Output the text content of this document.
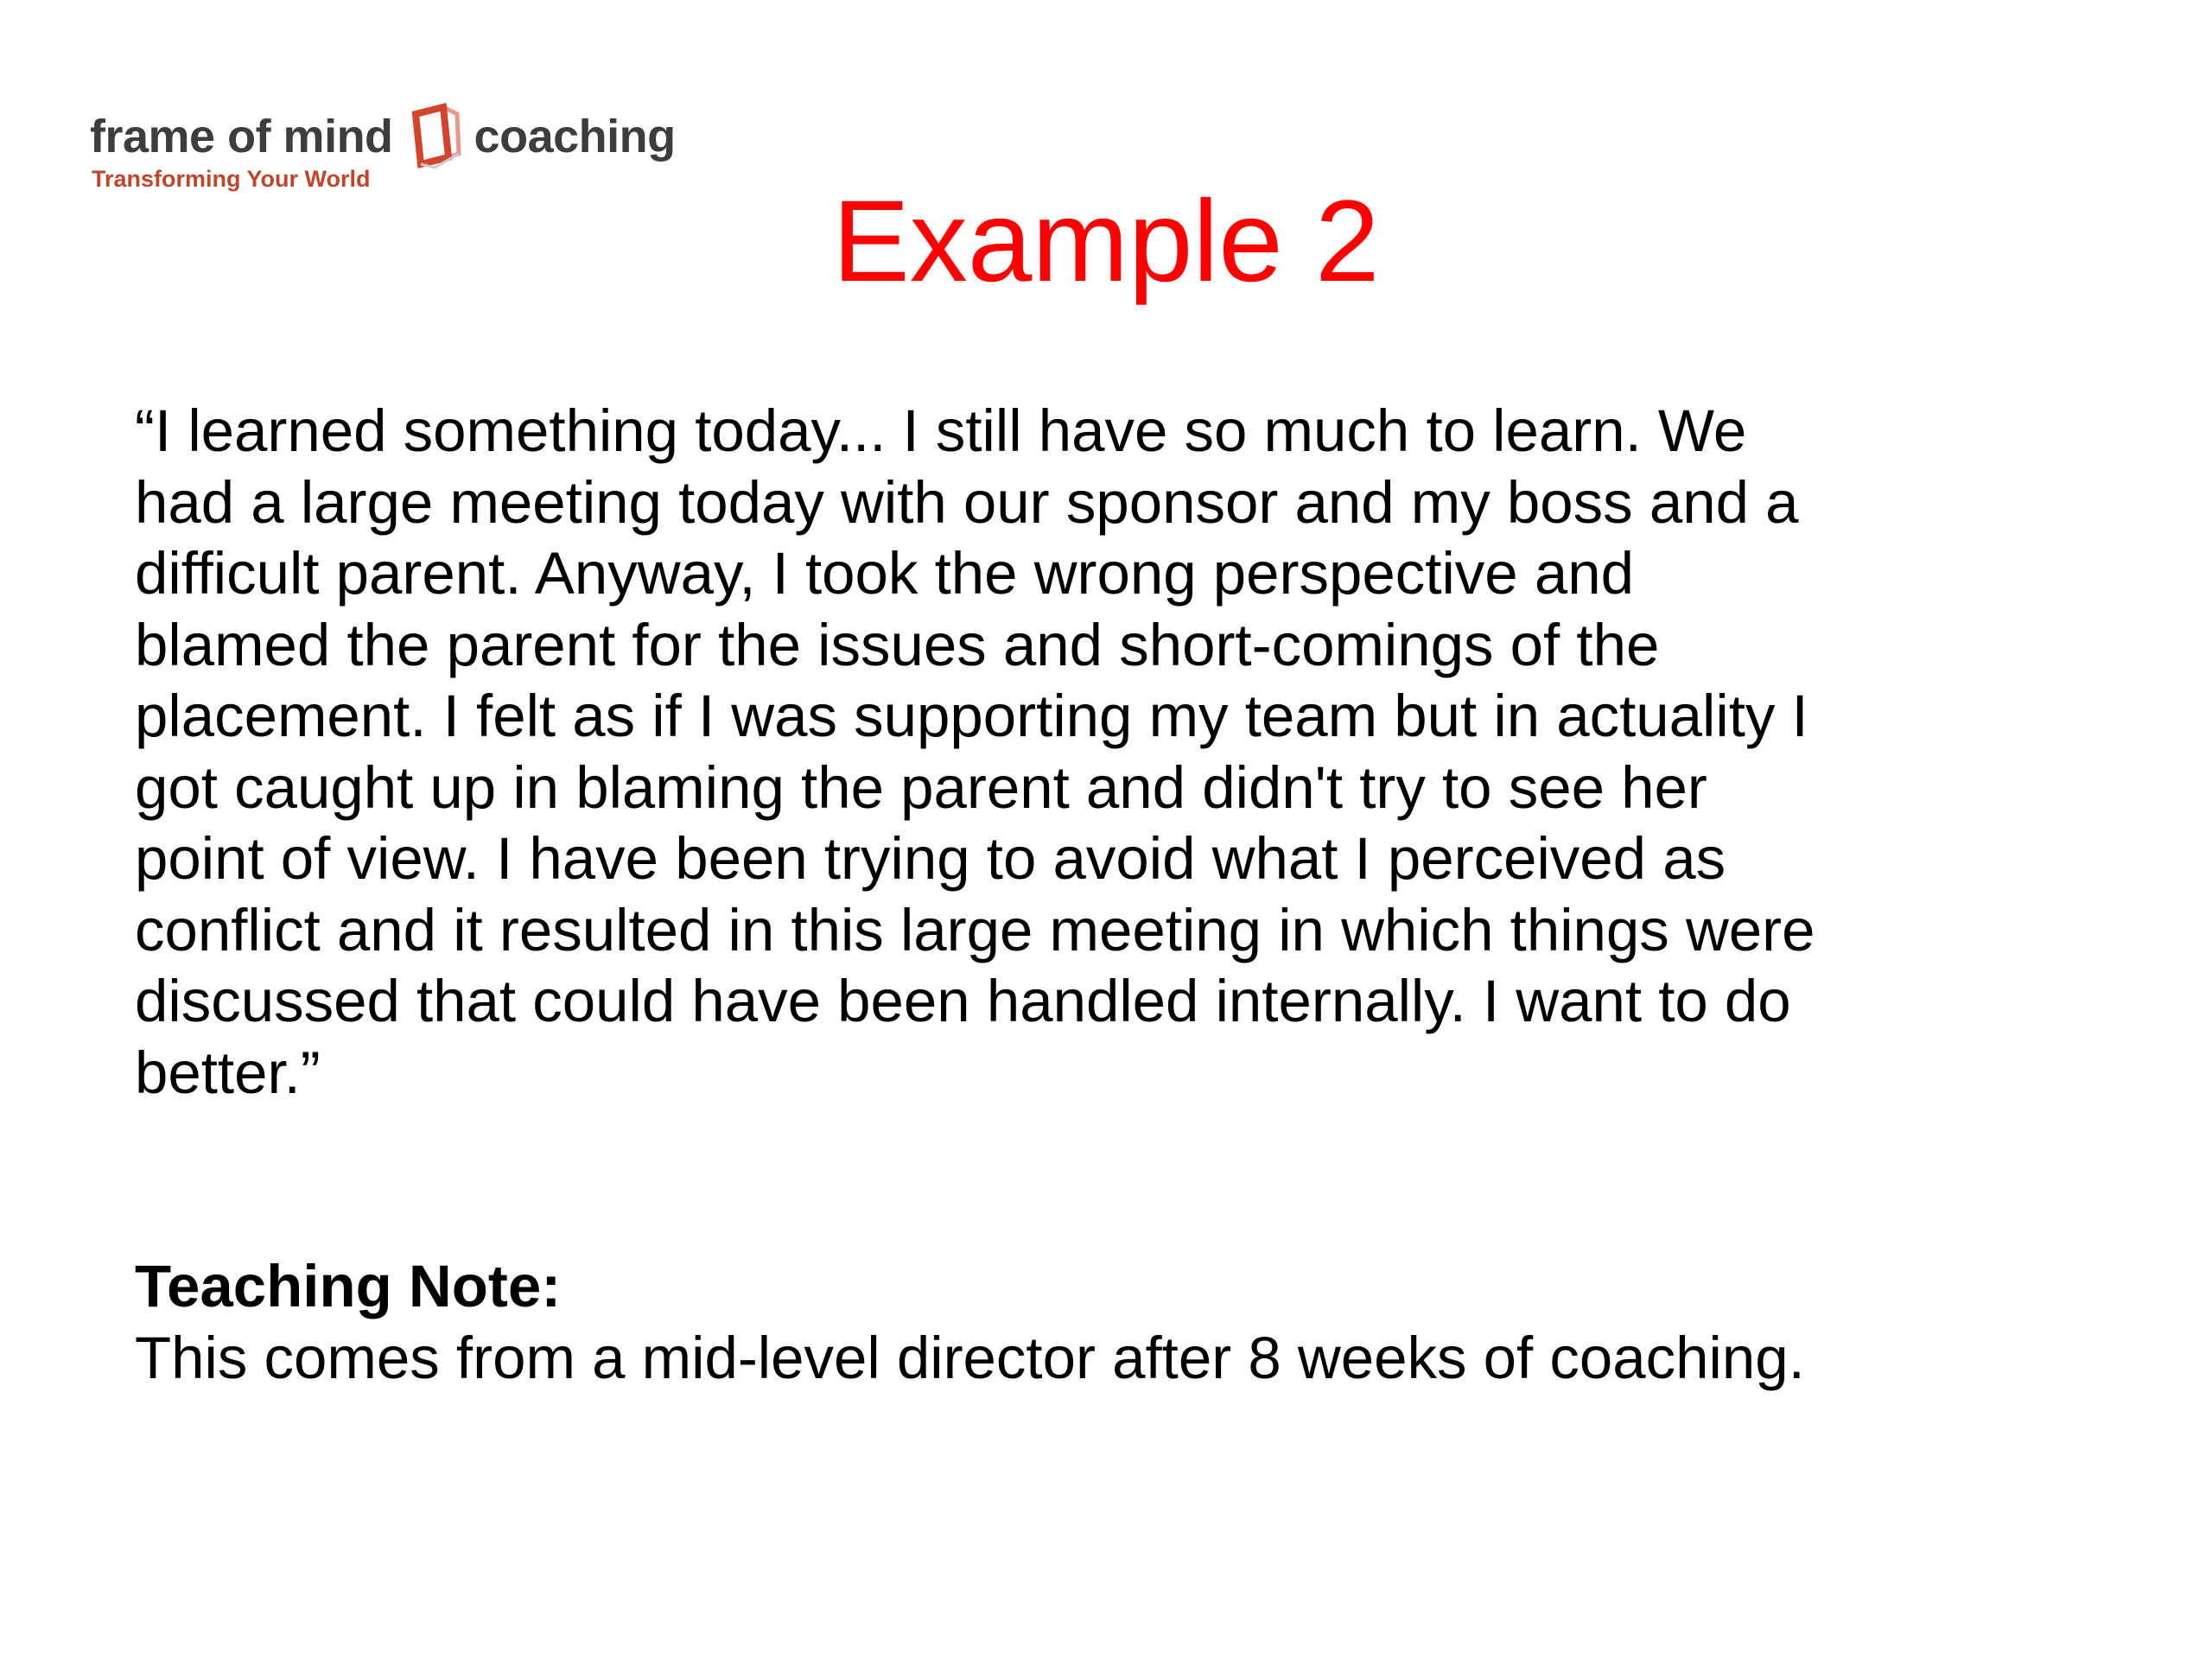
frame of mind coaching
Transforming Your World	Example 2
“I learned something today... I still have so much to learn. We
had a large meeting today with our sponsor and my boss and a
difficult parent. Anyway, I took the wrong perspective and
blamed the parent for the issues and short-comings of the
placement. I felt as if I was supporting my team but in actuality I
got caught up in blaming the parent and didn't try to see her
point of view. I have been trying to avoid what I perceived as
conflict and it resulted in this large meeting in which things were
discussed that could have been handled internally. I want to do
better.”
Teaching Note:
This comes from a mid-level director after 8 weeks of coaching.
